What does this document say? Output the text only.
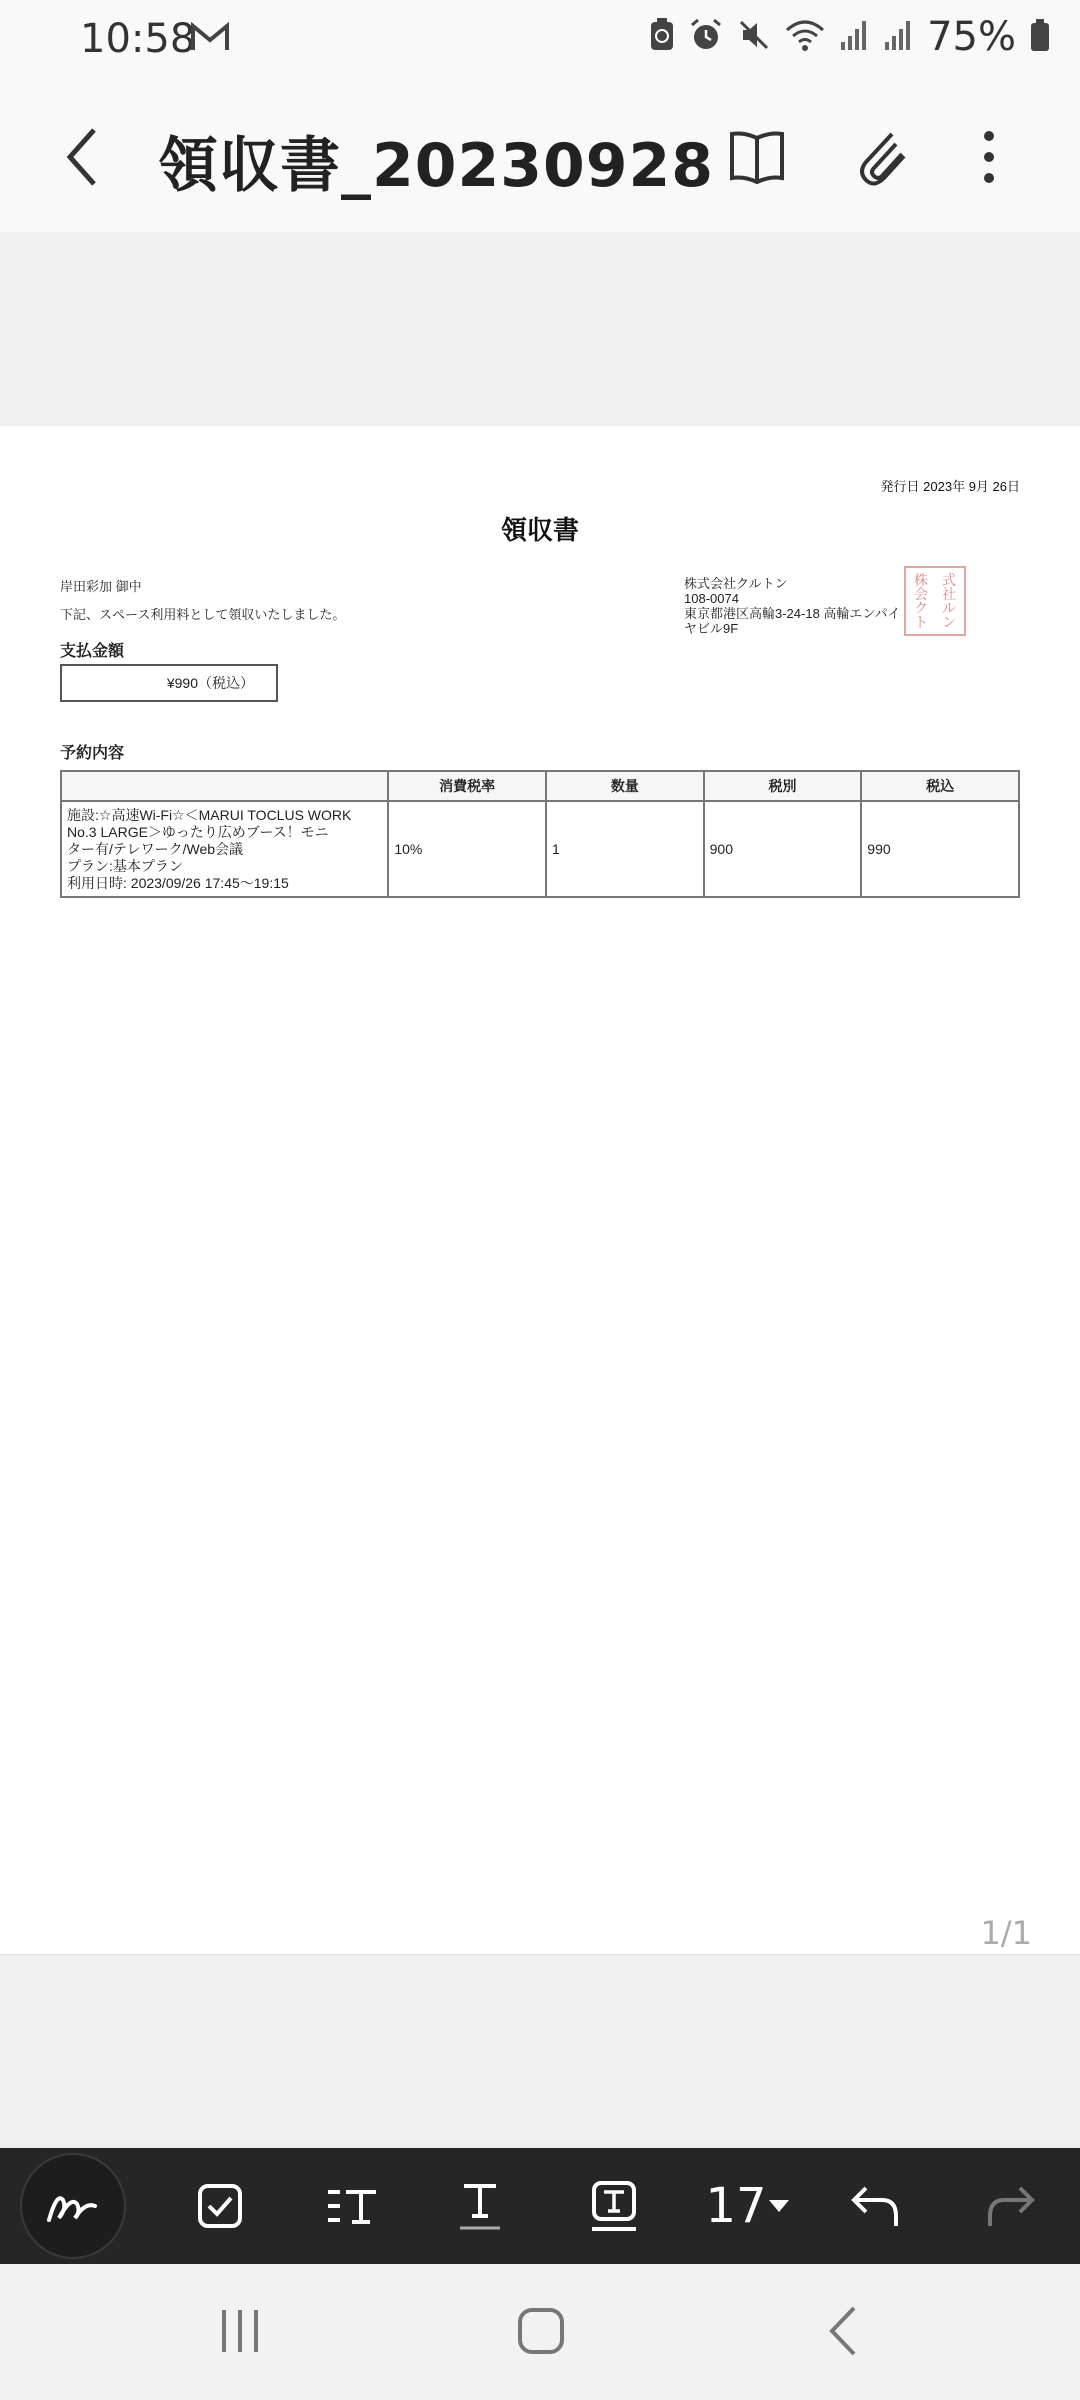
10:58	75%
領収書_20230928
発行日 2023年 9月 26日
領収書
岸田彩加 御中
下記、スペース利用料として領収いたしました。
支払金額
¥990（税込）
株式会社クルトン
108-0074
東京都港区高輪3-24-18 高輪エンパイ
ヤビル9F
株	式
会	社
ク	ル
ト	ン
予約内容
	消費税率	数量	税別	税込

施設:☆高速Wi-Fi☆＜MARUI TOCLUS WORK
No.3 LARGE＞ゆったり広めブース！モニ
ター有/テレワーク/Web会議
プラン:基本プラン
利用日時: 2023/09/26 17:45〜19:15	10%	1	900	990
1/1
17
